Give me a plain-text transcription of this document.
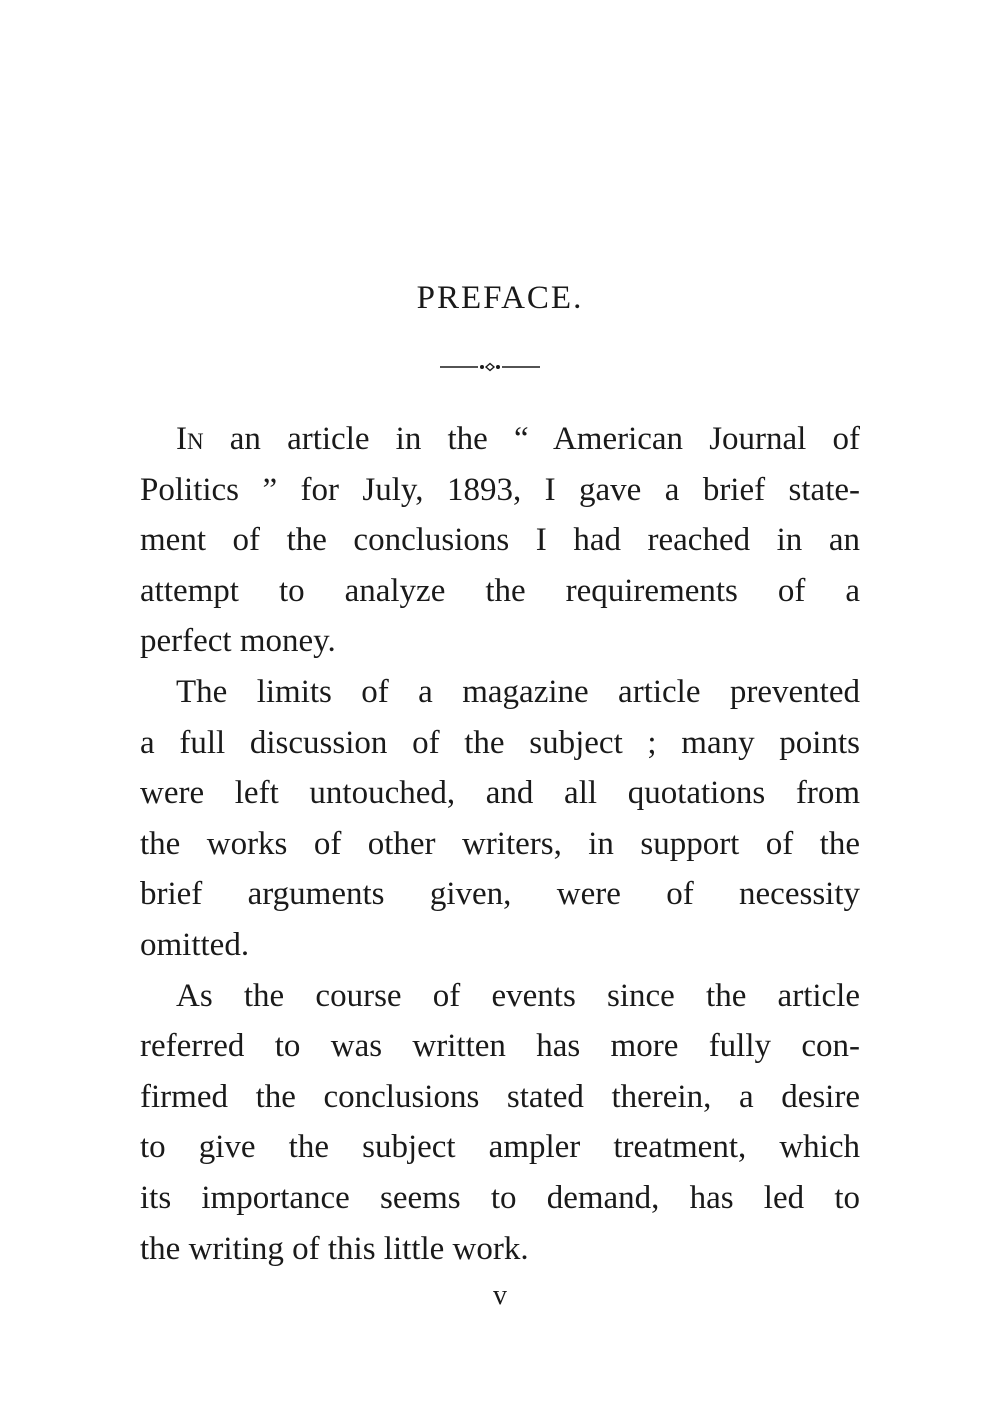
PREFACE.

In an article in the “ American Journal of
Politics ” for July, 1893, I gave a brief state-
ment of the conclusions I had reached in an
attempt to analyze the requirements of a
perfect money.

The limits of a magazine article prevented
a full discussion of the subject ; many points
were left untouched, and all quotations from
the works of other writers, in support of the
brief arguments given, were of necessity
omitted.

As the course of events since the article
referred to was written has more fully con-
firmed the conclusions stated therein, a desire
to give the subject ampler treatment, which
its importance seems to demand, has led to
the writing of this little work.

v
